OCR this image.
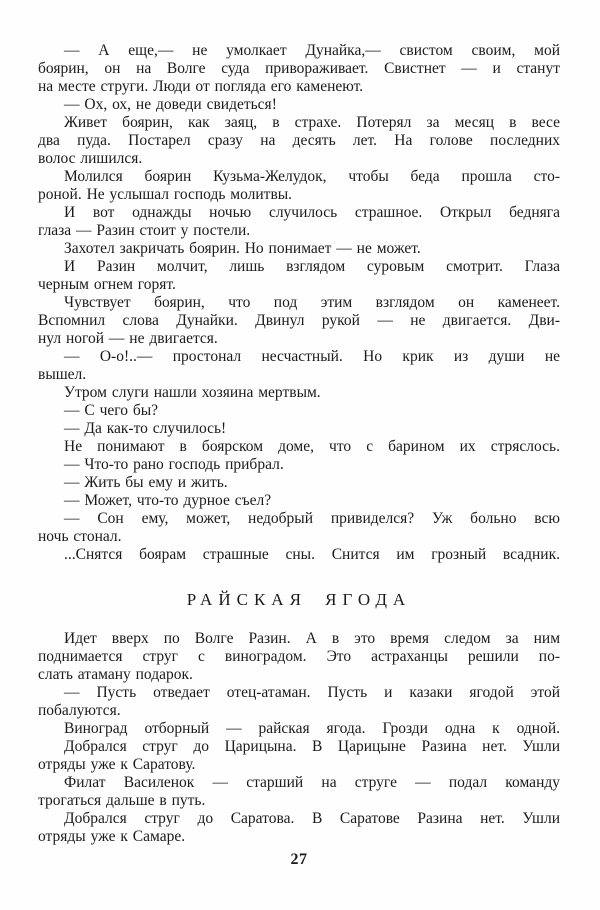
— А еще,— не умолкает Дунайка,— свистом своим, мой
боярин, он на Волге суда привораживает. Свистнет — и станут
на месте струги. Люди от погляда его каменеют.
— Ох, ох, не доведи свидеться!
Живет боярин, как заяц, в страхе. Потерял за месяц в весе
два пуда. Постарел сразу на десять лет. На голове последних
волос лишился.
Молился боярин Кузьма-Желудок, чтобы беда прошла сто-
роной. Не услышал господь молитвы.
И вот однажды ночью случилось страшное. Открыл бедняга
глаза — Разин стоит у постели.
Захотел закричать боярин. Но понимает — не может.
И Разин молчит, лишь взглядом суровым смотрит. Глаза
черным огнем горят.
Чувствует боярин, что под этим взглядом он каменеет.
Вспомнил слова Дунайки. Двинул рукой — не двигается. Дви-
нул ногой — не двигается.
— О-о!..— простонал несчастный. Но крик из души не
вышел.
Утром слуги нашли хозяина мертвым.
— С чего бы?
— Да как-то случилось!
Не понимают в боярском доме, что с барином их стряслось.
— Что-то рано господь прибрал.
— Жить бы ему и жить.
— Может, что-то дурное съел?
— Сон ему, может, недобрый привиделся? Уж больно всю
ночь стонал.
...Снятся боярам страшные сны. Снится им грозный всадник.
РАЙСКАЯ ЯГОДА
Идет вверх по Волге Разин. А в это время следом за ним
поднимается струг с виноградом. Это астраханцы решили по-
слать атаману подарок.
— Пусть отведает отец-атаман. Пусть и казаки ягодой этой
побалуются.
Виноград отборный — райская ягода. Грозди одна к одной.
Добрался струг до Царицына. В Царицыне Разина нет. Ушли
отряды уже к Саратову.
Филат Василенок — старший на струге — подал команду
трогаться дальше в путь.
Добрался струг до Саратова. В Саратове Разина нет. Ушли
отряды уже к Самаре.
27
